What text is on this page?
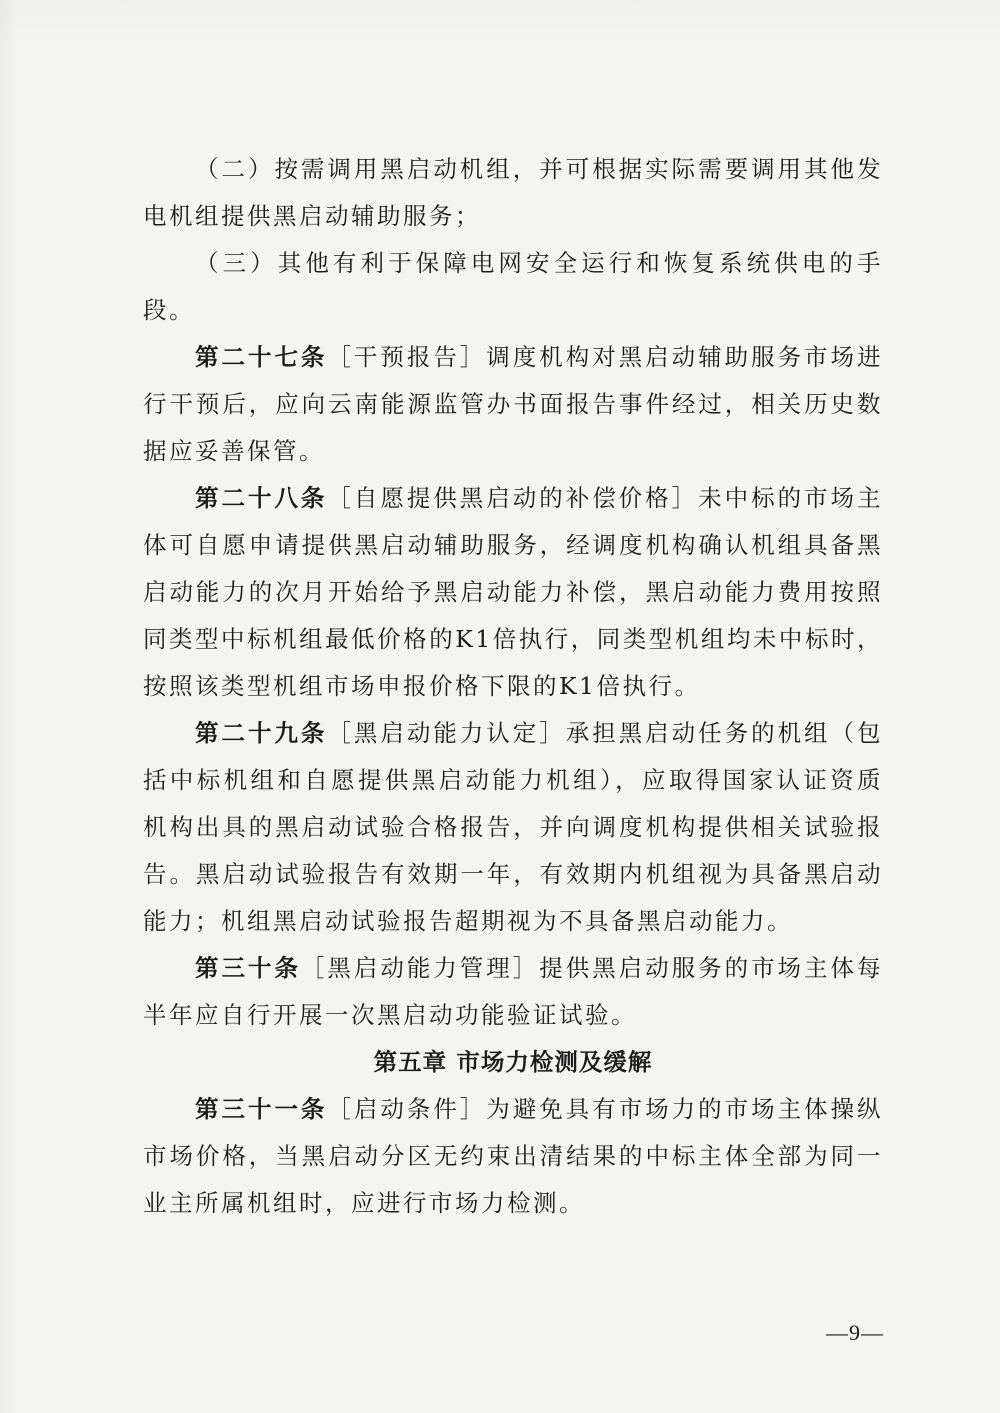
（二）按需调用黑启动机组，并可根据实际需要调用其他发电机组提供黑启动辅助服务；

（三）其他有利于保障电网安全运行和恢复系统供电的手段。

第二十七条［干预报告］调度机构对黑启动辅助服务市场进行干预后，应向云南能源监管办书面报告事件经过，相关历史数据应妥善保管。

第二十八条［自愿提供黑启动的补偿价格］未中标的市场主体可自愿申请提供黑启动辅助服务，经调度机构确认机组具备黑启动能力的次月开始给予黑启动能力补偿，黑启动能力费用按照同类型中标机组最低价格的K1倍执行，同类型机组均未中标时，按照该类型机组市场申报价格下限的K1倍执行。

第二十九条［黑启动能力认定］承担黑启动任务的机组（包括中标机组和自愿提供黑启动能力机组），应取得国家认证资质机构出具的黑启动试验合格报告，并向调度机构提供相关试验报告。黑启动试验报告有效期一年，有效期内机组视为具备黑启动能力；机组黑启动试验报告超期视为不具备黑启动能力。

第三十条［黑启动能力管理］提供黑启动服务的市场主体每半年应自行开展一次黑启动功能验证试验。

第五章 市场力检测及缓解

第三十一条［启动条件］为避免具有市场力的市场主体操纵市场价格，当黑启动分区无约束出清结果的中标主体全部为同一业主所属机组时，应进行市场力检测。

—9—
